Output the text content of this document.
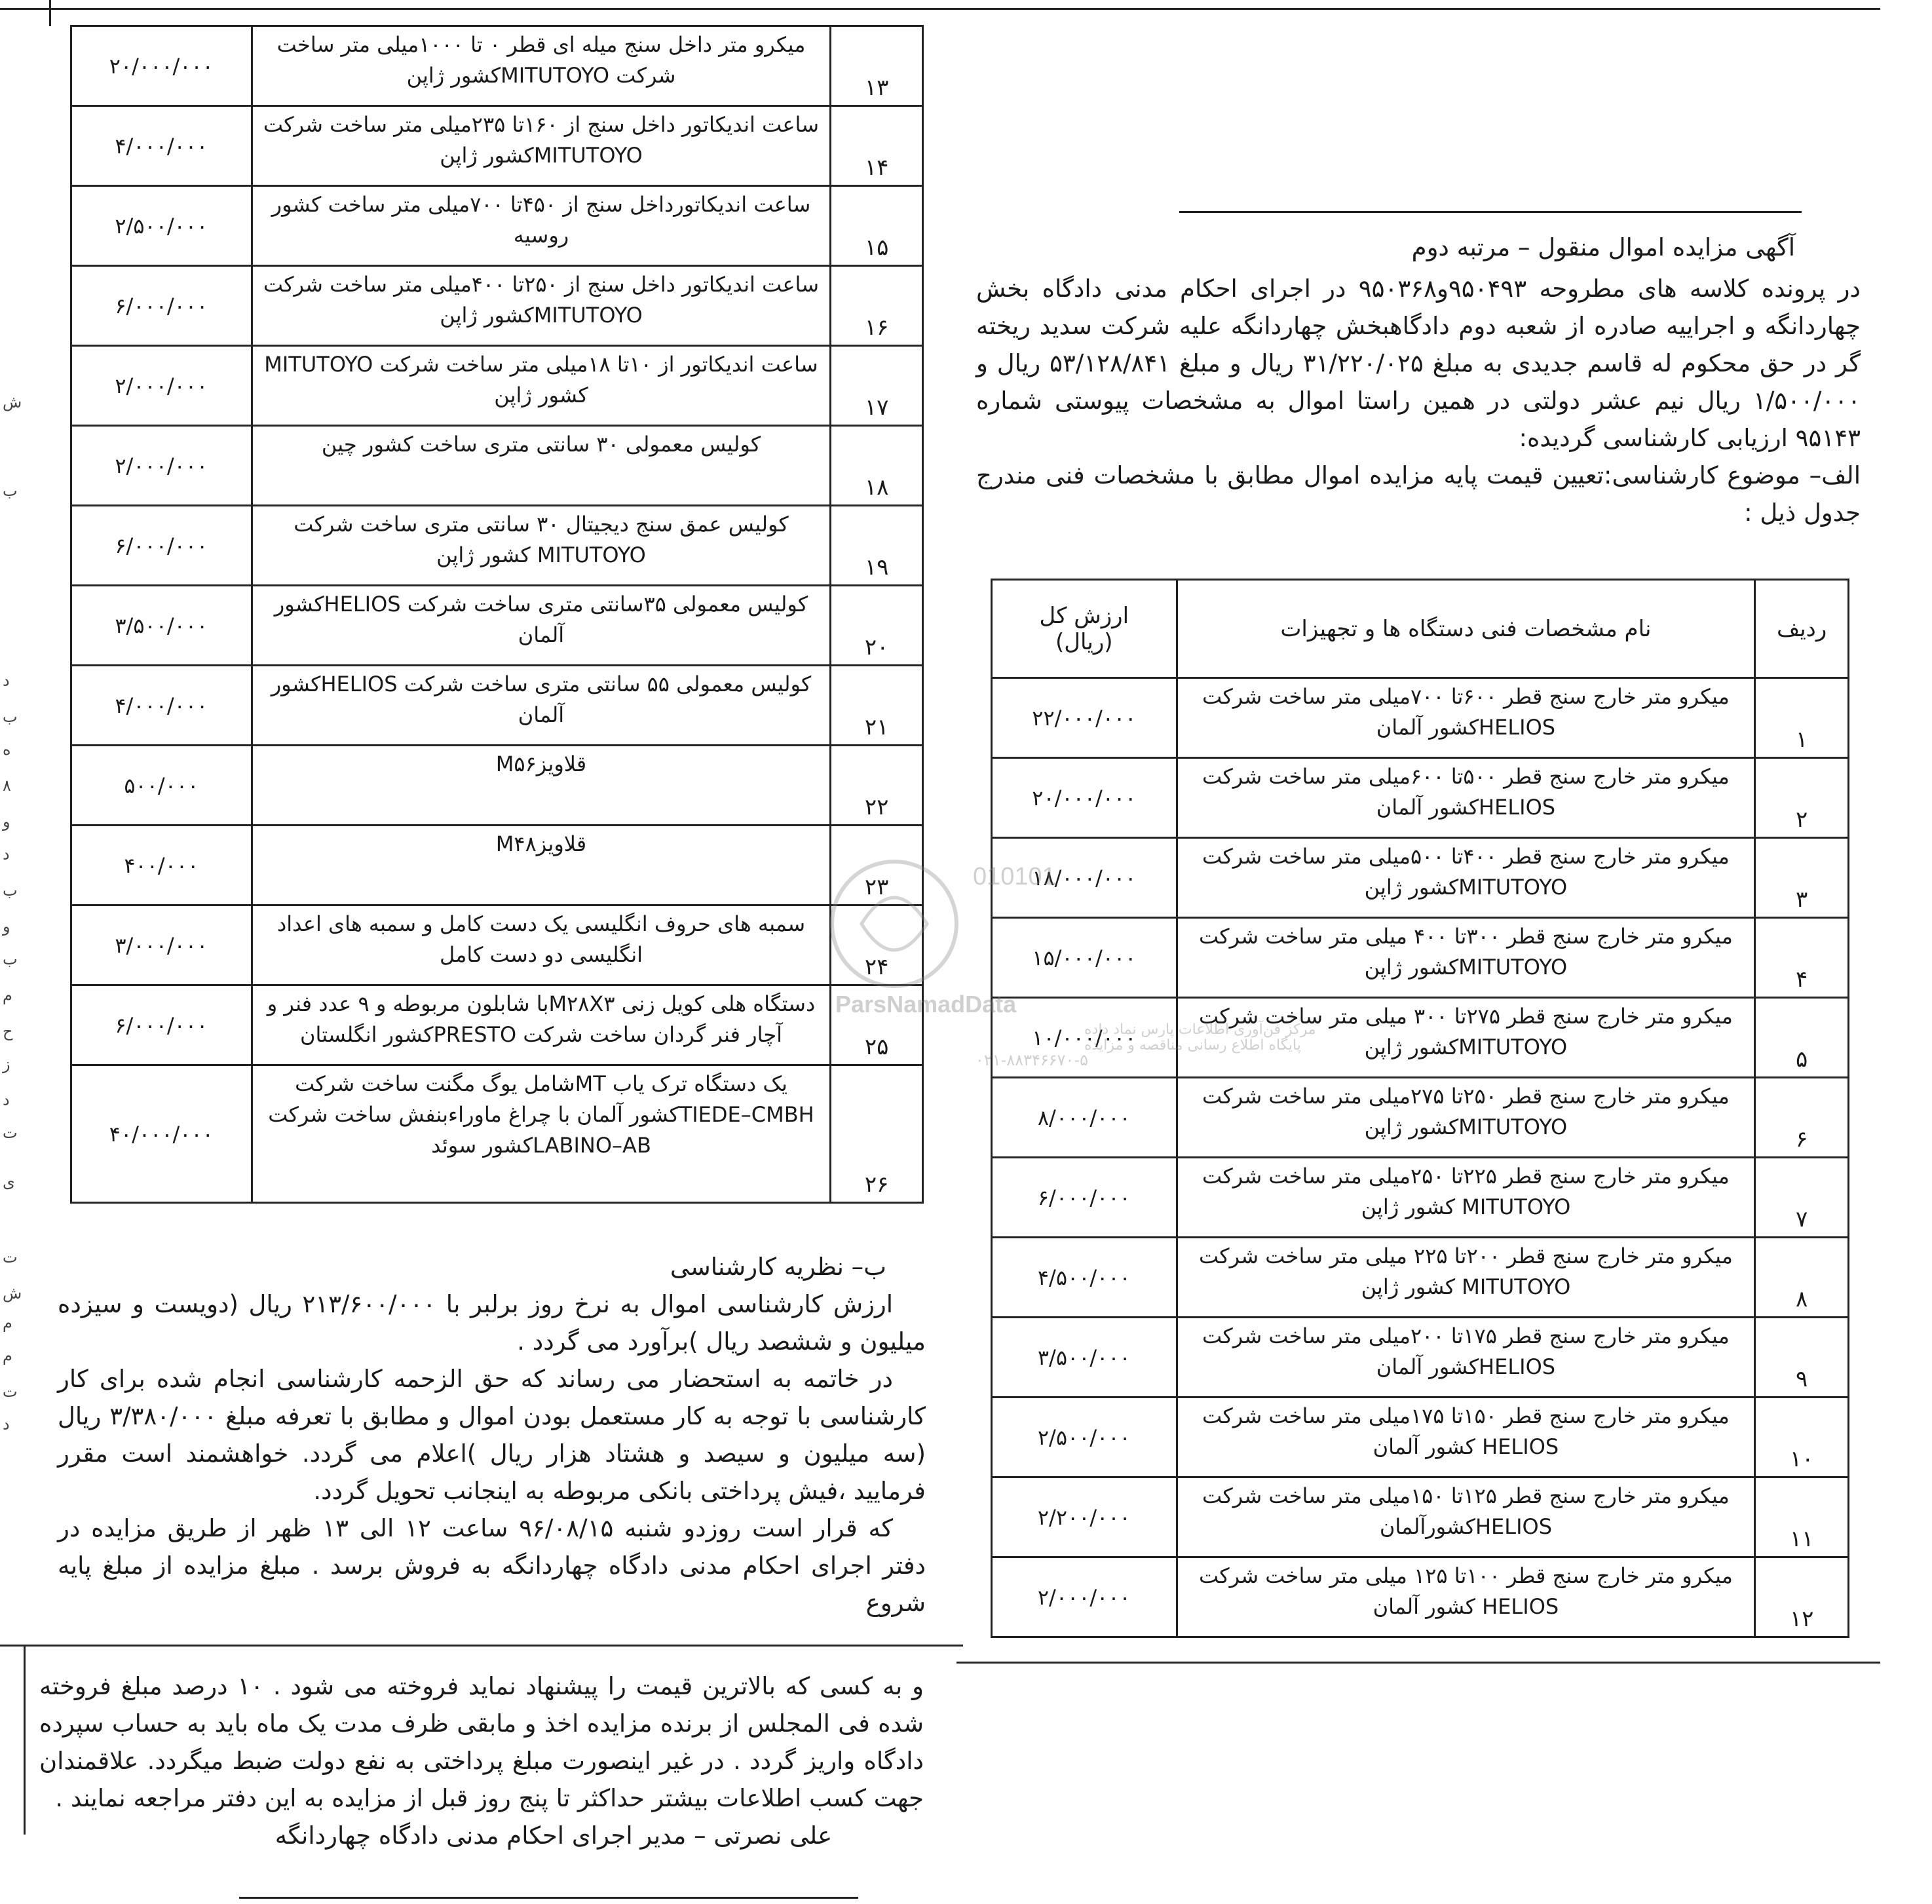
ش
ب
د
ب
ه
۸
و
د
ب
و
ب
م
ح
ز
د
ت
ی
ت
ش
م
م
ت
د

آگهی مزایده اموال منقول – مرتبه دوم

در پرونده کلاسه های مطروحه ۹۵۰۴۹۳و۹۵۰۳۶۸ در اجرای احکام مدنی دادگاه بخش چهاردانگه و اجراییه صادره از شعبه دوم دادگاهبخش چهاردانگه علیه شرکت سدید ریخته گر در حق محکوم له قاسم جدیدی به مبلغ ۳۱/۲۲۰/۰۲۵ ریال و مبلغ ۵۳/۱۲۸/۸۴۱ ریال و ۱/۵۰۰/۰۰۰ ریال نیم عشر دولتی در همین راستا اموال به مشخصات پیوستی شماره ۹۵۱۴۳ ارزیابی کارشناسی گردیده:

الف– موضوع کارشناسی:تعیین قیمت پایه مزایده اموال مطابق با مشخصات فنی مندرج جدول ذیل :

ردیف	نام مشخصات فنی دستگاه ها و تجهیزات	ارزش کل (ریال)
۱	میکرو متر خارج سنج قطر ۶۰۰تا ۷۰۰میلی متر ساخت شرکت HELIOSکشور آلمان	۲۲/۰۰۰/۰۰۰
۲	میکرو متر خارج سنج قطر ۵۰۰تا ۶۰۰میلی متر ساخت شرکت HELIOSکشور آلمان	۲۰/۰۰۰/۰۰۰
۳	میکرو متر خارج سنج قطر ۴۰۰تا ۵۰۰میلی متر ساخت شرکت MITUTOYOکشور ژاپن	۱۸/۰۰۰/۰۰۰
۴	میکرو متر خارج سنج قطر ۳۰۰تا ۴۰۰ میلی متر ساخت شرکت MITUTOYOکشور ژاپن	۱۵/۰۰۰/۰۰۰
۵	میکرو متر خارج سنج قطر ۲۷۵تا ۳۰۰ میلی متر ساخت شرکت MITUTOYOکشور ژاپن	۱۰/۰۰۰/۰۰۰
۶	میکرو متر خارج سنج قطر ۲۵۰تا ۲۷۵میلی متر ساخت شرکت MITUTOYOکشور ژاپن	۸/۰۰۰/۰۰۰
۷	میکرو متر خارج سنج قطر ۲۲۵تا ۲۵۰میلی متر ساخت شرکت MITUTOYO کشور ژاپن	۶/۰۰۰/۰۰۰
۸	میکرو متر خارج سنج قطر ۲۰۰تا ۲۲۵ میلی متر ساخت شرکت MITUTOYO کشور ژاپن	۴/۵۰۰/۰۰۰
۹	میکرو متر خارج سنج قطر ۱۷۵تا ۲۰۰میلی متر ساخت شرکت HELIOSکشور آلمان	۳/۵۰۰/۰۰۰
۱۰	میکرو متر خارج سنج قطر ۱۵۰تا ۱۷۵میلی متر ساخت شرکت HELIOS کشور آلمان	۲/۵۰۰/۰۰۰
۱۱	میکرو متر خارج سنج قطر ۱۲۵تا ۱۵۰میلی متر ساخت شرکت HELIOSکشورآلمان	۲/۲۰۰/۰۰۰
۱۲	میکرو متر خارج سنج قطر ۱۰۰تا ۱۲۵ میلی متر ساخت شرکت HELIOS کشور آلمان	۲/۰۰۰/۰۰۰
۱۳	میکرو متر داخل سنج میله ای قطر ۰ تا ۱۰۰۰میلی متر ساخت شرکت MITUTOYOکشور ژاپن	۲۰/۰۰۰/۰۰۰
۱۴	ساعت اندیکاتور داخل سنج از ۱۶۰تا ۲۳۵میلی متر ساخت شرکت MITUTOYOکشور ژاپن	۴/۰۰۰/۰۰۰
۱۵	ساعت اندیکاتورداخل سنج از ۴۵۰تا ۷۰۰میلی متر ساخت کشور روسیه	۲/۵۰۰/۰۰۰
۱۶	ساعت اندیکاتور داخل سنج از ۲۵۰تا ۴۰۰میلی متر ساخت شرکت MITUTOYOکشور ژاپن	۶/۰۰۰/۰۰۰
۱۷	ساعت اندیکاتور از ۱۰تا ۱۸میلی متر ساخت شرکت MITUTOYO کشور ژاپن	۲/۰۰۰/۰۰۰
۱۸	کولیس معمولی ۳۰ سانتی متری ساخت کشور چین	۲/۰۰۰/۰۰۰
۱۹	کولیس عمق سنج دیجیتال ۳۰ سانتی متری ساخت شرکت MITUTOYO کشور ژاپن	۶/۰۰۰/۰۰۰
۲۰	کولیس معمولی ۳۵سانتی متری ساخت شرکت HELIOSکشور آلمان	۳/۵۰۰/۰۰۰
۲۱	کولیس معمولی ۵۵ سانتی متری ساخت شرکت HELIOSکشور آلمان	۴/۰۰۰/۰۰۰
۲۲	قلاویزM۵۶	۵۰۰/۰۰۰
۲۳	قلاویزM۴۸	۴۰۰/۰۰۰
۲۴	سمبه های حروف انگلیسی یک دست کامل و سمبه های اعداد انگلیسی دو دست کامل	۳/۰۰۰/۰۰۰
۲۵	دستگاه هلی کویل زنی M۲۸X۳با شابلون مربوطه و ۹ عدد فنر و آچار فنر گردان ساخت شرکت PRESTOکشور انگلستان	۶/۰۰۰/۰۰۰
۲۶	یک دستگاه ترک یاب MTشامل یوگ مگنت ساخت شرکت TIEDE–CMBHکشور آلمان با چراغ ماوراءبنفش ساخت شرکت LABINO–ABکشور سوئد	۴۰/۰۰۰/۰۰۰

ب– نظریه کارشناسی

ارزش کارشناسی اموال به نرخ روز برلبر با ۲۱۳/۶۰۰/۰۰۰ ریال (دویست و سیزده میلیون و ششصد ریال )برآورد می گردد .

در خاتمه به استحضار می رساند که حق الزحمه کارشناسی انجام شده برای کار کارشناسی با توجه به کار مستعمل بودن اموال و مطابق با تعرفه مبلغ ۳/۳۸۰/۰۰۰ ریال (سه میلیون و سیصد و هشتاد هزار ریال )اعلام می گردد. خواهشمند است مقرر فرمایید ،فیش پرداختی بانکی مربوطه به اینجانب تحویل گردد.

که قرار است روزدو شنبه ۹۶/۰۸/۱۵ ساعت ۱۲ الی ۱۳ ظهر از طریق مزایده در دفتر اجرای احکام مدنی دادگاه چهاردانگه به فروش برسد . مبلغ مزایده از مبلغ پایه شروع

و به کسی که بالاترین قیمت را پیشنهاد نماید فروخته می شود . ۱۰ درصد مبلغ فروخته شده فی المجلس از برنده مزایده اخذ و مابقی ظرف مدت یک ماه باید به حساب سپرده دادگاه واریز گردد . در غیر اینصورت مبلغ پرداختی به نفع دولت ضبط میگردد. علاقمندان جهت کسب اطلاعات بیشتر حداکثر تا پنج روز قبل از مزایده به این دفتر مراجعه نمایند .

علی نصرتی – مدیر اجرای احکام مدنی دادگاه چهاردانگه

010101
ParsNamadData
مرکز فن‌آوری اطلاعات پارس نماد داده
پایگاه اطلاع رسانی مناقصه و مزایده
۰۲۱-۸۸۳۴۶۶۷۰-۵
